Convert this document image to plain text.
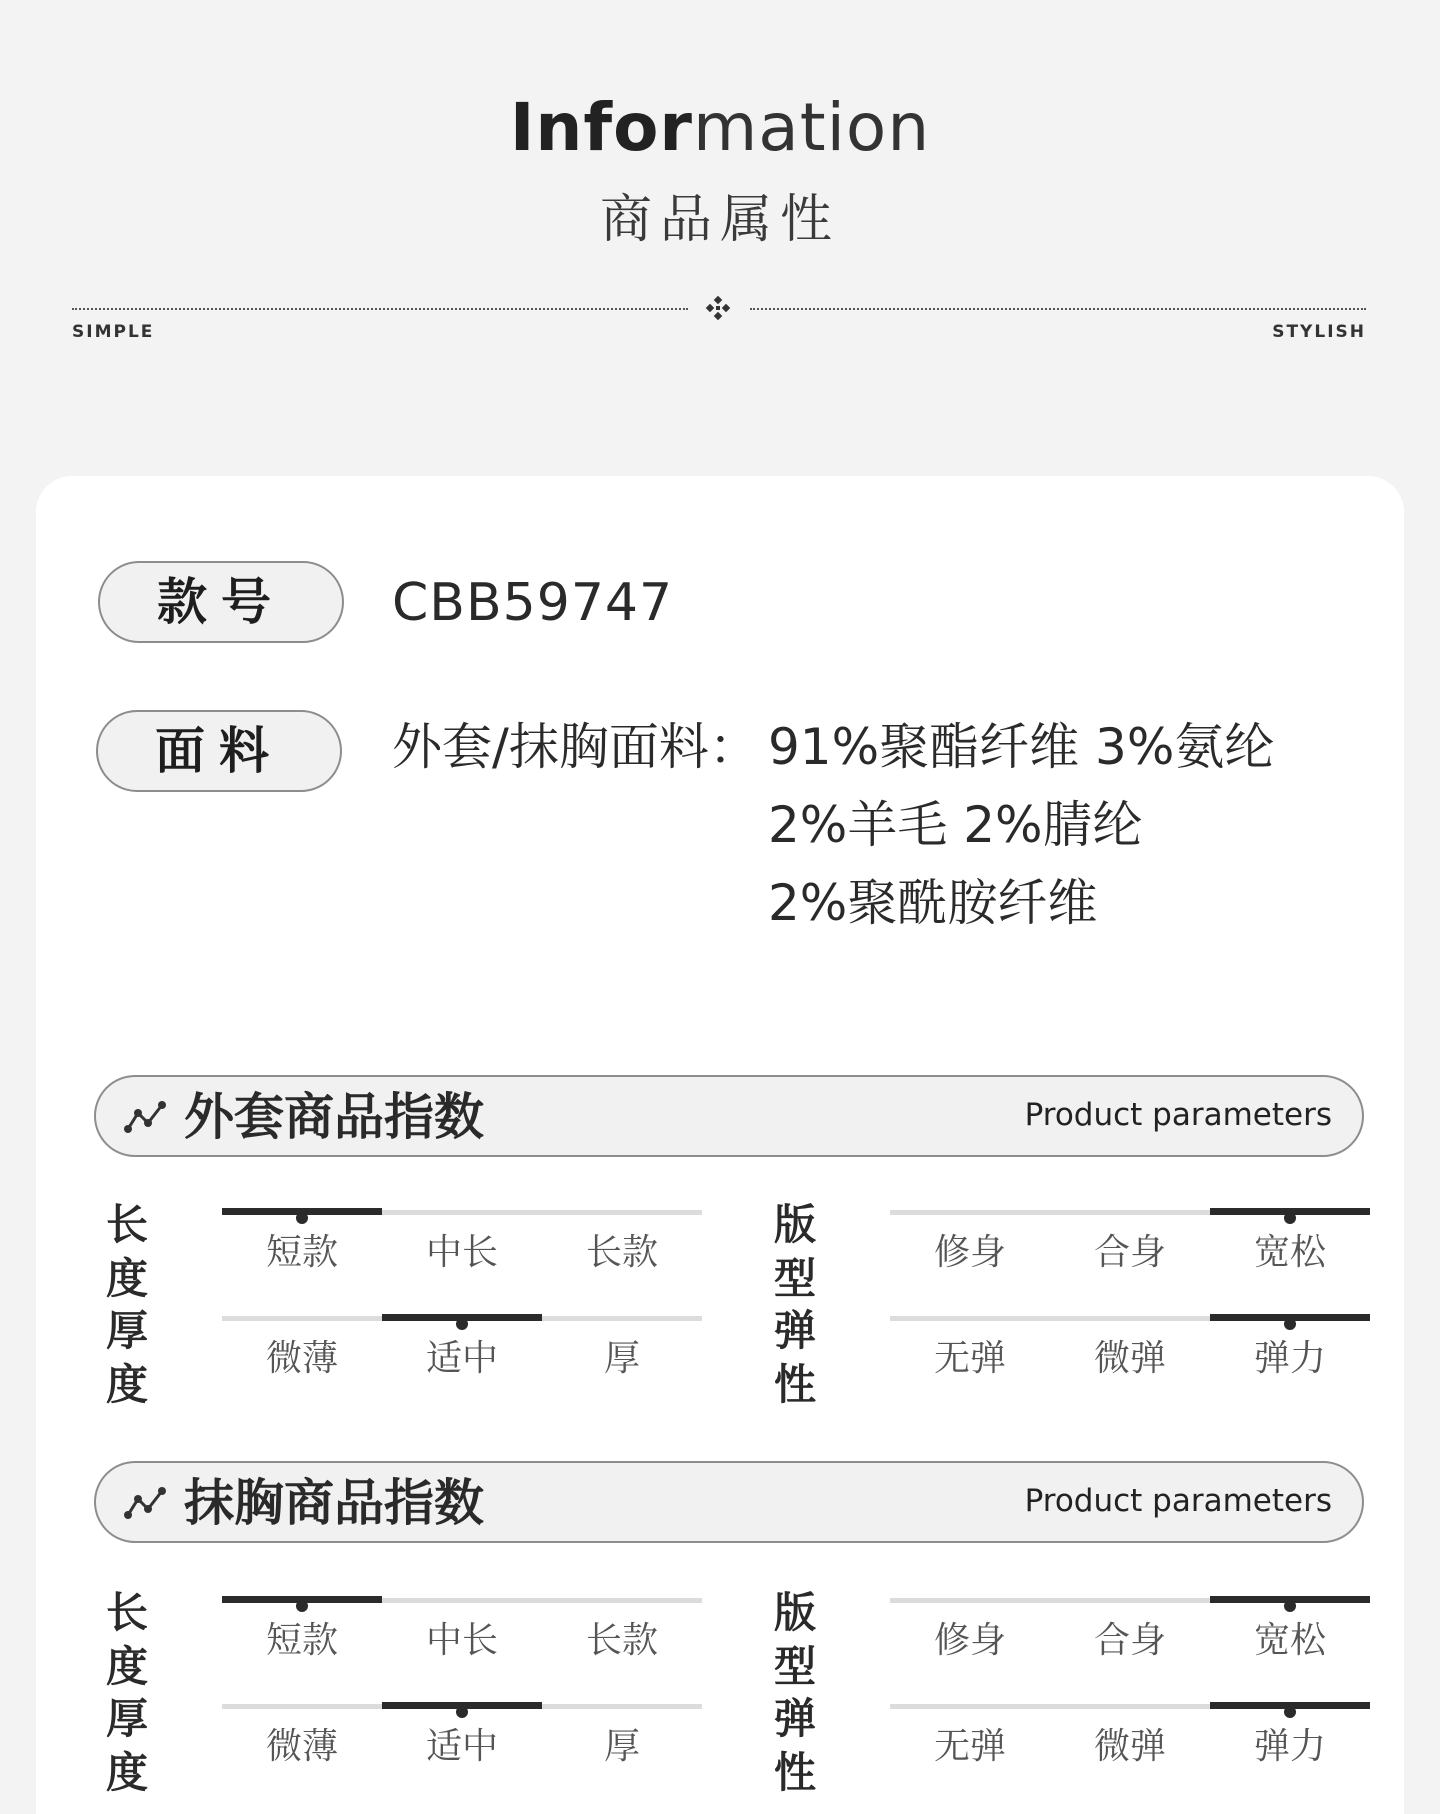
Information
商品属性
SIMPLE	STYLISH
款号	CBB59747
面料	外套/抹胸面料： 91%聚酯纤维 3%氨纶
2%羊毛 2%腈纶
2%聚酰胺纤维
外套商品指数	Product parameters
抹胸商品指数	Product parameters
长度
短款	中长	长款
版型
修身	合身	宽松
厚度
微薄	适中	厚
弹性
无弹	微弹	弹力
长度
短款	中长	长款
版型
修身	合身	宽松
厚度
微薄	适中	厚
弹性
无弹	微弹	弹力
